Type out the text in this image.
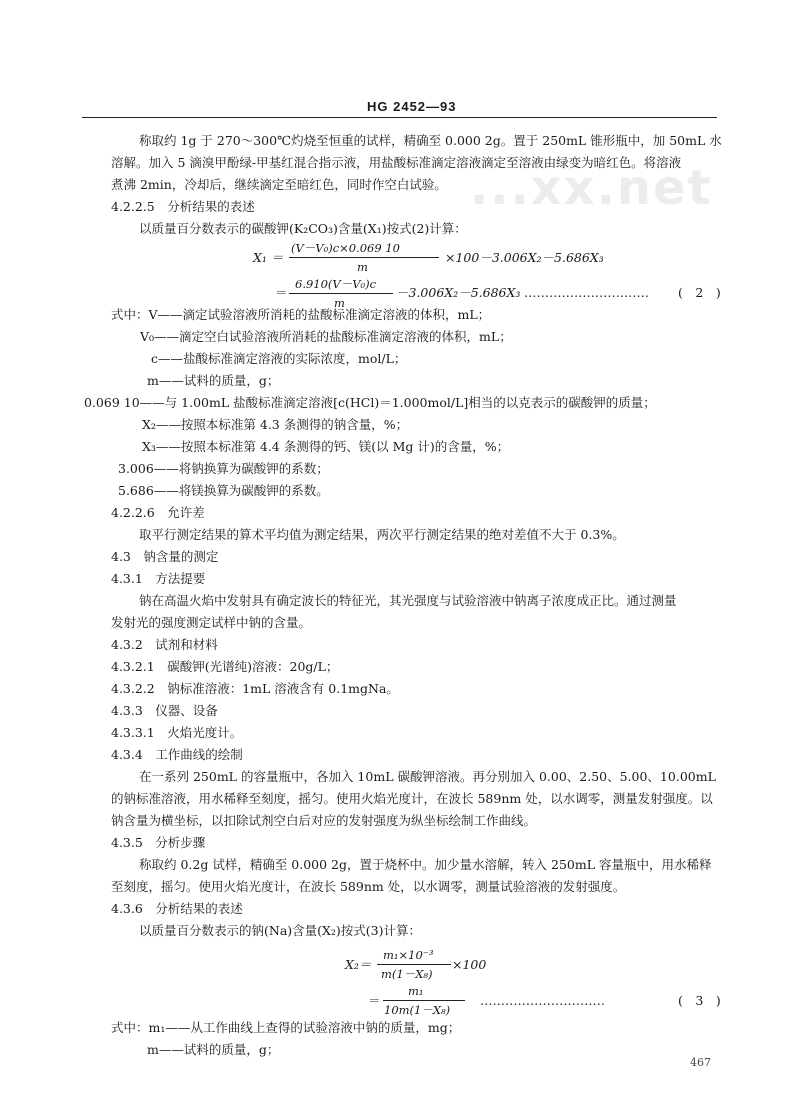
...xx.net
HG 2452—93
称取约 1g 于 270～300℃灼烧至恒重的试样，精确至 0.000 2g。置于 250mL 锥形瓶中，加 50mL 水
溶解。加入 5 滴溴甲酚绿-甲基红混合指示液，用盐酸标准滴定溶液滴定至溶液由绿变为暗红色。将溶液
煮沸 2min，冷却后，继续滴定至暗红色，同时作空白试验。
4.2.2.5　分析结果的表述
以质量百分数表示的碳酸钾(K₂CO₃)含量(X₁)按式(2)计算：
X₁ ＝
(V－V₀)c×0.069 10
m
×100－3.006X₂－5.686X₃
＝
6.910(V－V₀)c
m
－3.006X₂－5.686X₃ ………………………… (　2　)
式中：V——滴定试验溶液所消耗的盐酸标准滴定溶液的体积，mL；
V₀——滴定空白试验溶液所消耗的盐酸标准滴定溶液的体积，mL；
c——盐酸标准滴定溶液的实际浓度，mol/L；
m——试料的质量，g；
0.069 10——与 1.00mL 盐酸标准滴定溶液[c(HCl)＝1.000mol/L]相当的以克表示的碳酸钾的质量；
X₂——按照本标准第 4.3 条测得的钠含量，%；
X₃——按照本标准第 4.4 条测得的钙、镁(以 Mg 计)的含量，%；
3.006——将钠换算为碳酸钾的系数；
5.686——将镁换算为碳酸钾的系数。
4.2.2.6　允许差
取平行测定结果的算术平均值为测定结果，两次平行测定结果的绝对差值不大于 0.3%。
4.3　钠含量的测定
4.3.1　方法提要
钠在高温火焰中发射具有确定波长的特征光，其光强度与试验溶液中钠离子浓度成正比。通过测量
发射光的强度测定试样中钠的含量。
4.3.2　试剂和材料
4.3.2.1　碳酸钾(光谱纯)溶液：20g/L；
4.3.2.2　钠标准溶液：1mL 溶液含有 0.1mgNa。
4.3.3　仪器、设备
4.3.3.1　火焰光度计。
4.3.4　工作曲线的绘制
在一系列 250mL 的容量瓶中，各加入 10mL 碳酸钾溶液。再分别加入 0.00、2.50、5.00、10.00mL
的钠标准溶液，用水稀释至刻度，摇匀。使用火焰光度计，在波长 589nm 处，以水调零，测量发射强度。以
钠含量为横坐标，以扣除试剂空白后对应的发射强度为纵坐标绘制工作曲线。
4.3.5　分析步骤
称取约 0.2g 试样，精确至 0.000 2g，置于烧杯中。加少量水溶解，转入 250mL 容量瓶中，用水稀释
至刻度，摇匀。使用火焰光度计，在波长 589nm 处，以水调零，测量试验溶液的发射强度。
4.3.6　分析结果的表述
以质量百分数表示的钠(Na)含量(X₂)按式(3)计算：
X₂＝
m₁×10⁻³
m(1－X₈)
×100
＝
m₁
10m(1－X₈)
…………………………	(　3　)
式中：m₁——从工作曲线上查得的试验溶液中钠的质量，mg；
m——试料的质量，g；
467
